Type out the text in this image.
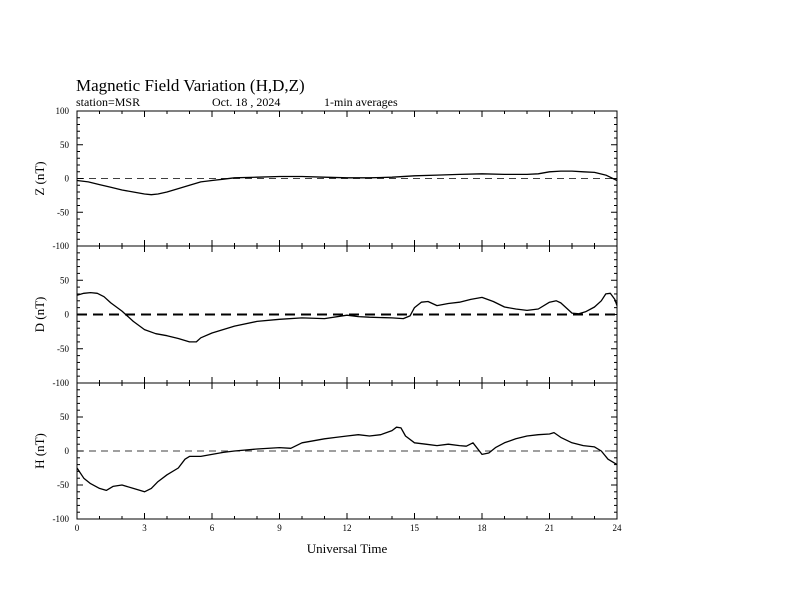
Magnetic Field Variation (H,D,Z)
station=MSR	Oct. 18 , 2024	1-min averages
100
50
0
-50
-100
Z (nT)
50
0
-50
-100
D (nT)
50
0
-50
-100
H (nT)
0	3	6	9	12	15	18	21	24
Universal Time
